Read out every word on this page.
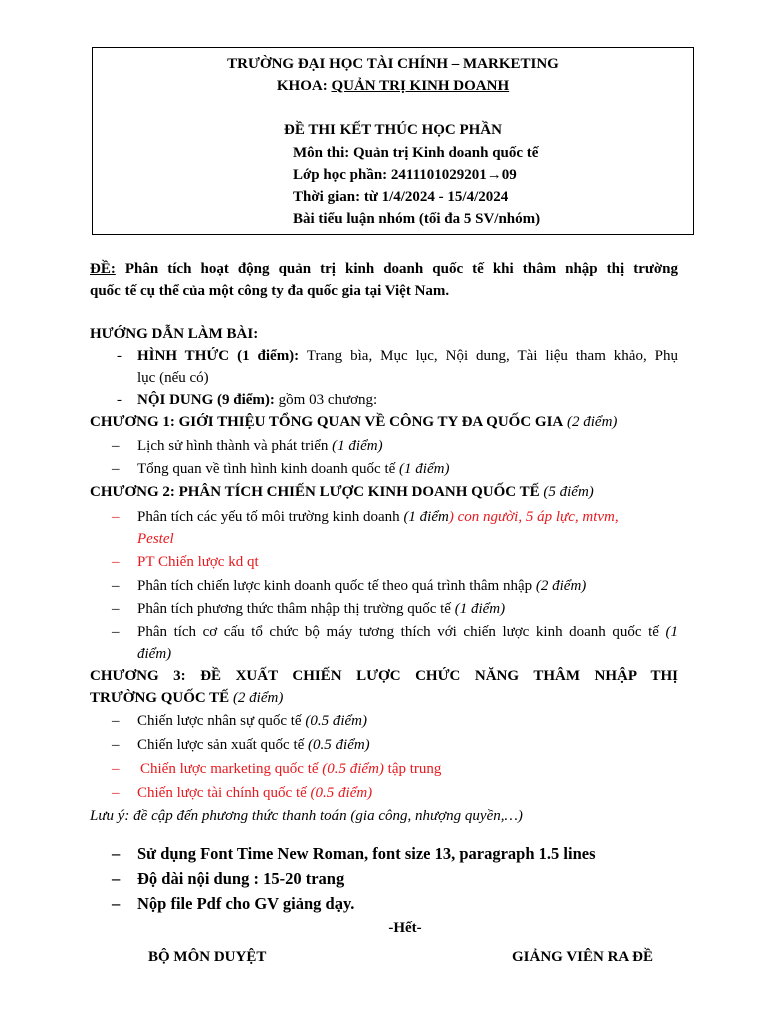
TRƯỜNG ĐẠI HỌC TÀI CHÍNH – MARKETING
KHOA: QUẢN TRỊ KINH DOANH
ĐỀ THI KẾT THÚC HỌC PHẦN
Môn thi: Quản trị Kinh doanh quốc tế
Lớp học phần: 2411101029201→09
Thời gian: từ 1/4/2024 - 15/4/2024
Bài tiểu luận nhóm (tối đa 5 SV/nhóm)
ĐỀ: Phân tích hoạt động quản trị kinh doanh quốc tế khi thâm nhập thị trường
quốc tế cụ thể của một công ty đa quốc gia tại Việt Nam.
HƯỚNG DẪN LÀM BÀI:
- HÌNH THỨC (1 điểm): Trang bìa, Mục lục, Nội dung, Tài liệu tham khảo, Phụ
lục (nếu có)
- NỘI DUNG (9 điểm): gồm 03 chương:
CHƯƠNG 1: GIỚI THIỆU TỔNG QUAN VỀ CÔNG TY ĐA QUỐC GIA (2 điểm)
– Lịch sử hình thành và phát triển (1 điểm)
– Tổng quan về tình hình kinh doanh quốc tế (1 điểm)
CHƯƠNG 2: PHÂN TÍCH CHIẾN LƯỢC KINH DOANH QUỐC TẾ (5 điểm)
– Phân tích các yếu tố môi trường kinh doanh (1 điểm) con người, 5 áp lực, mtvm,
Pestel
– PT Chiến lược kd qt
– Phân tích chiến lược kinh doanh quốc tế theo quá trình thâm nhập (2 điểm)
– Phân tích phương thức thâm nhập thị trường quốc tế (1 điểm)
– Phân tích cơ cấu tổ chức bộ máy tương thích với chiến lược kinh doanh quốc tế (1
điểm)
CHƯƠNG 3: ĐỀ XUẤT CHIẾN LƯỢC CHỨC NĂNG THÂM NHẬP THỊ
TRƯỜNG QUỐC TẾ (2 điểm)
– Chiến lược nhân sự quốc tế (0.5 điểm)
– Chiến lược sản xuất quốc tế (0.5 điểm)
– Chiến lược marketing quốc tế (0.5 điểm) tập trung
– Chiến lược tài chính quốc tế (0.5 điểm)
Lưu ý: đề cập đến phương thức thanh toán (gia công, nhượng quyền,…)
– Sử dụng Font Time New Roman, font size 13, paragraph 1.5 lines
– Độ dài nội dung : 15-20 trang
– Nộp file Pdf cho GV giảng dạy.
-Hết-
BỘ MÔN DUYỆT	GIẢNG VIÊN RA ĐỀ
